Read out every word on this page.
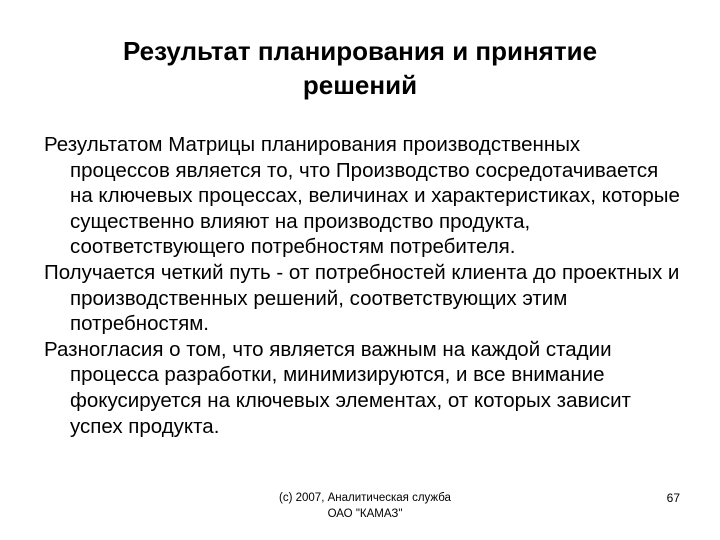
Результат планирования и принятие
решений

Результатом Матрицы планирования производственных процессов является то, что Производство сосредотачивается на ключевых процессах, величинах и характеристиках, которые существенно влияют на производство продукта, соответствующего потребностям потребителя.

Получается четкий путь - от потребностей клиента до проектных и производственных решений, соответствующих этим потребностям.

Разногласия о том, что является важным на каждой стадии процесса разработки, минимизируются, и все внимание фокусируется на ключевых элементах, от которых зависит успех продукта.

(c) 2007, Аналитическая служба
ОАО "КАМАЗ"
67
